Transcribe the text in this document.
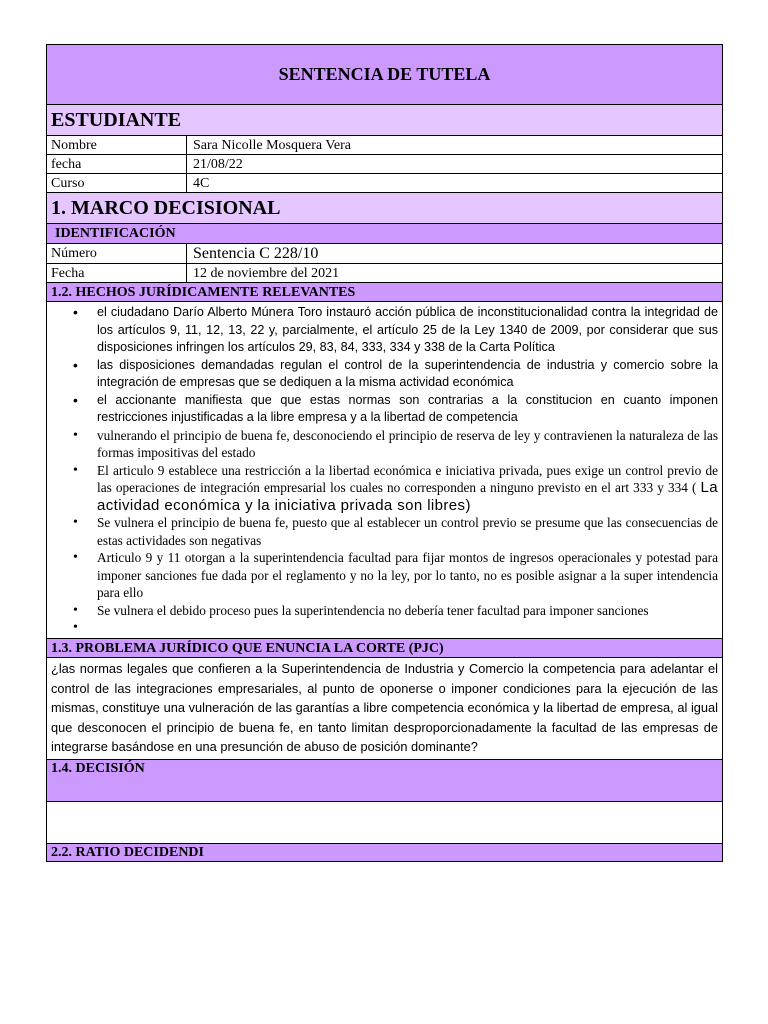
SENTENCIA DE TUTELA
ESTUDIANTE
Nombre	Sara Nicolle Mosquera Vera
fecha	21/08/22
Curso	4C
1. MARCO DECISIONAL
IDENTIFICACIÓN
Número	Sentencia C 228/10
Fecha	12 de noviembre del 2021
1.2. HECHOS JURÍDICAMENTE RELEVANTES
• el ciudadano Darío Alberto Múnera Toro instauró acción pública de inconstitucionalidad contra la integridad de los artículos 9, 11, 12, 13, 22 y, parcialmente, el artículo 25 de la Ley 1340 de 2009, por considerar que sus disposiciones infringen los artículos 29, 83, 84, 333, 334 y 338 de la Carta Política
• las disposiciones demandadas regulan el control de la superintendencia de industria y comercio sobre la integración de empresas que se dediquen a la misma actividad económica
• el accionante manifiesta que que estas normas son contrarias a la constitucion en cuanto imponen restricciones injustificadas a la libre empresa y a la libertad de competencia
• vulnerando el principio de buena fe, desconociendo el principio de reserva de ley y contravienen la naturaleza de las formas impositivas del estado
• El articulo 9 establece una restricción a la libertad económica e iniciativa privada, pues exige un control previo de las operaciones de integración empresarial los cuales no corresponden a ninguno previsto en el art 333 y 334 ( La actividad económica y la iniciativa privada son libres)
• Se vulnera el principio de buena fe, puesto que al establecer un control previo se presume que las consecuencias de estas actividades son negativas
• Articulo 9 y 11 otorgan a la superintendencia facultad para fijar montos de ingresos operacionales y potestad para imponer sanciones fue dada por el reglamento y no la ley, por lo tanto, no es posible asignar a la super intendencia para ello
• Se vulnera el debido proceso pues la superintendencia no debería tener facultad para imponer sanciones
•
1.3. PROBLEMA JURÍDICO QUE ENUNCIA LA CORTE (PJC)
¿las normas legales que confieren a la Superintendencia de Industria y Comercio la competencia para adelantar el control de las integraciones empresariales, al punto de oponerse o imponer condiciones para la ejecución de las mismas, constituye una vulneración de las garantías a libre competencia económica y la libertad de empresa, al igual que desconocen el principio de buena fe, en tanto limitan desproporcionadamente la facultad de las empresas de integrarse basándose en una presunción de abuso de posición dominante?
1.4. DECISIÓN
2.2. RATIO DECIDENDI
